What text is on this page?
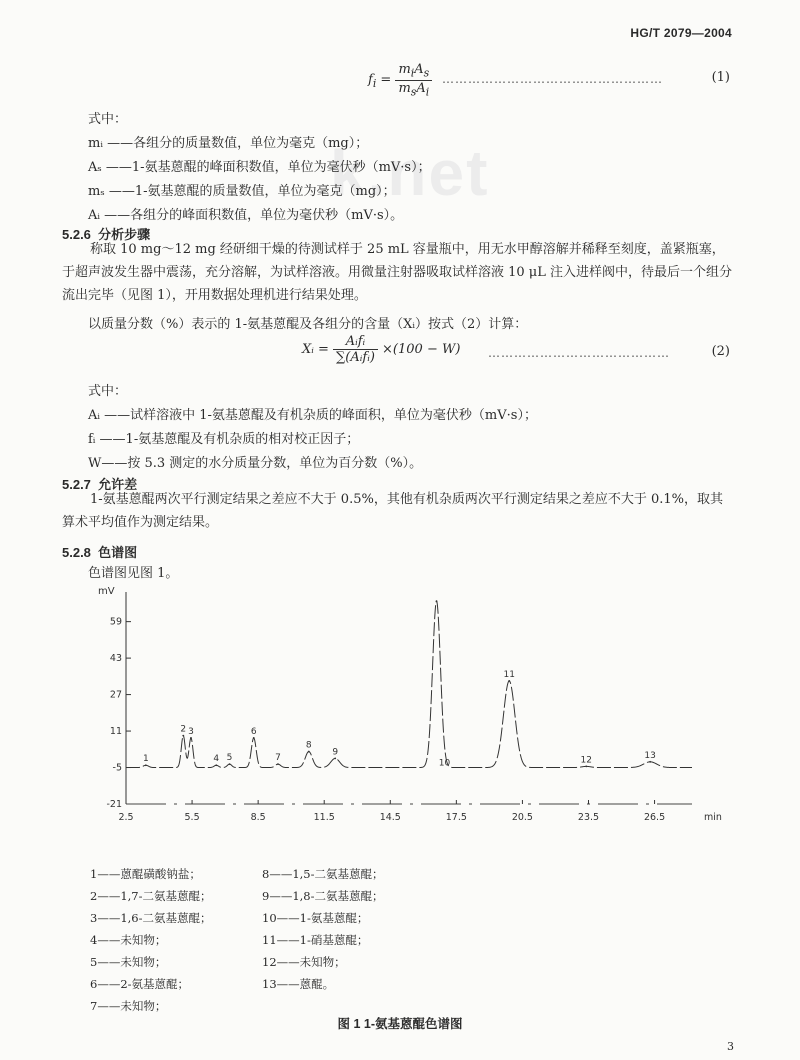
HG/T 2079—2004
k.net
$f_i = \frac{m_iA_s}{m_sA_i}$ ……………………………………………	(1)
式中：
mᵢ ——各组分的质量数值，单位为毫克（mg）；
Aₛ ——1-氨基蒽醌的峰面积数值，单位为毫伏秒（mV·s）；
mₛ ——1-氨基蒽醌的质量数值，单位为毫克（mg）；
Aᵢ ——各组分的峰面积数值，单位为毫伏秒（mV·s）。
5.2.6 分析步骤
称取 10 mg～12 mg 经研细干燥的待测试样于 25 mL 容量瓶中，用无水甲醇溶解并稀释至刻度，盖紧瓶塞，于超声波发生器中震荡，充分溶解，为试样溶液。用微量注射器吸取试样溶液 10 μL 注入进样阀中，待最后一个组分流出完毕（见图 1），开用数据处理机进行结果处理。
以质量分数（%）表示的 1-氨基蒽醌及各组分的含量（Xᵢ）按式（2）计算：
Xᵢ = $\frac{\text{Aᵢfᵢ}}{\text{∑(Aᵢfᵢ)}} \times(100 - W)$ ……………………………………	(2)
式中：
Aᵢ ——试样溶液中 1-氨基蒽醌及有机杂质的峰面积，单位为毫伏秒（mV·s）；
fᵢ ——1-氨基蒽醌及有机杂质的相对校正因子；
W——按 5.3 测定的水分质量分数，单位为百分数（%）。
5.2.7 允许差
1-氨基蒽醌两次平行测定结果之差应不大于 0.5%，其他有机杂质两次平行测定结果之差应不大于 0.1%，取其算术平均值作为测定结果。
5.2.8 色谱图
色谱图见图 1。
mV
59
43
27
11
-5
-21
2.5	5.5	8.5	11.5	14.5	17.5	20.5	23.5	26.5	min
1
2 3
4 5
6
7
8
9
10
11
12	13
1——蒽醌磺酸钠盐；
2——1,7-二氨基蒽醌；
3——1,6-二氨基蒽醌；
4——未知物；
5——未知物；
6——2-氨基蒽醌；
7——未知物；
8——1,5-二氨基蒽醌；
9——1,8-二氨基蒽醌；
10——1-氨基蒽醌；
11——1-硝基蒽醌；
12——未知物；
13——蒽醌。
图 1 1-氨基蒽醌色谱图
3
